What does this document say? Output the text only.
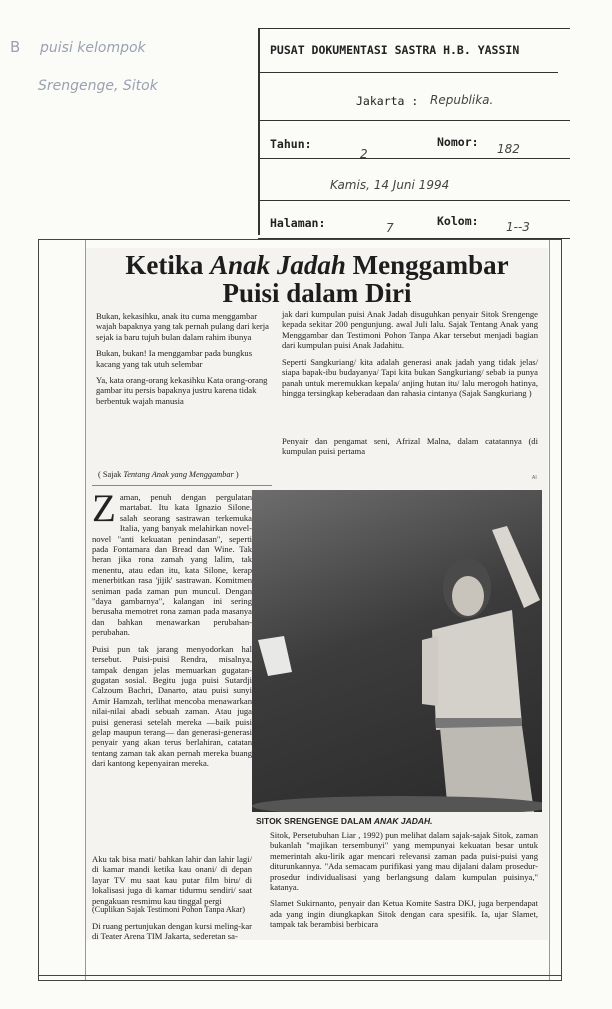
B puisi kelompok
Srengenge, Sitok
PUSAT DOKUMENTASI SASTRA H.B. YASSIN
Jakarta : Republika.
Tahun:
2
Nomor: 182
Kamis, 14 Juni 1994
Halaman:	7	Kolom: 1--3
Ketika Anak Jadah Menggambar
Puisi dalam Diri

Bukan, kekasihku, anak itu cuma menggambar wajah bapaknya yang tak pernah pulang dari kerja sejak ia baru tujuh bulan dalam rahim ibunya

Bukan, bukan! Ia menggambar pada bungkus kacang yang tak utuh selembar

Ya, kata orang-orang kekasihku Kata orang-orang gambar itu persis bapaknya justru karena tidak berbentuk wajah manusia

( Sajak Tentang Anak yang Menggambar )
jak dari kumpulan puisi Anak Jadah disuguhkan penyair Sitok Srengenge kepada sekitar 200 pengunjung. awal Juli lalu. Sajak Tentang Anak yang Menggambar dan Testimoni Pohon Tanpa Akar tersebut menjadi bagian dari kumpulan puisi Anak Jadahitu.
Seperti Sangkuriang/ kita adalah generasi anak jadah yang tidak jelas/ siapa bapak-ibu budayanya/ Tapi kita bukan Sangkuriang/ sebab ia punya panah untuk meremukkan kepala/ anjing hutan itu/ lalu merogoh hatinya, hingga tersingkap keberadaan dan rahasia cintanya (Sajak Sangkuriang )
Penyair dan pengamat seni, Afrizal Malna, dalam catatannya (di kumpulan puisi pertama

Zaman, penuh dengan pergulatan martabat. Itu kata Ignazio Silone, salah seorang sastrawan terkemuka Italia, yang banyak melahirkan novel-novel "anti kekuatan penindasan", seperti pada Fontamara dan Bread dan Wine. Tak heran jika rona zamah yang lalim, tak menentu, atau edan itu, kata Silone, kerap menerbitkan rasa 'jijik' sastrawan. Komitmen seniman pada zaman pun muncul. Dengan "daya gambarnya", kalangan ini sering berusaha memotret rona zaman pada masanya dan bahkan menawarkan perubahan-perubahan.

Puisi pun tak jarang menyodorkan hal tersebut. Puisi-puisi Rendra, misalnya, tampak dengan jelas memuarkan gugatan-gugatan sosial. Begitu juga puisi Sutardji Calzoum Bachri, Danarto, atau puisi sunyi Amir Hamzah, terlihat mencoba menawarkan nilai-nilai abadi sebuah zaman. Atau juga puisi generasi setelah mereka —baik puisi gelap maupun terang— dan generasi-generasi penyair yang akan terus berlahiran, catatan tentang zaman tak akan pernah mereka buang dari kantong kepenyairan mereka.

AI
SITOK SRENGENGE DALAM ANAK JADAH.
Aku tak bisa mati/ bahkan lahir dan lahir lagi/ di kamar mandi ketika kau onani/ di depan layar TV mu saat kau putar film biru/ di lokalisasi juga di kamar tidurmu sendiri/ saat pengakuan resmimu kau tinggal pergi
(Cuplikan Sajak Testimoni Pohon Tanpa Akar)
Di ruang pertunjukan dengan kursi meling-kar di Teater Arena TIM Jakarta, sederetan sa-

Sitok, Persetubuhan Liar , 1992) pun melihat dalam sajak-sajak Sitok, zaman bukanlah "majikan tersembunyi" yang mempunyai kekuatan besar untuk memerintah aku-lirik agar mencari relevansi zaman pada puisi-puisi yang diturunkannya. "Ada semacam purifikasi yang mau dijalani dalam prosedur-prosedur individualisasi yang berlangsung dalam kumpulan puisinya," katanya.

Slamet Sukirnanto, penyair dan Ketua Komite Sastra DKJ, juga berpendapat ada yang ingin diungkapkan Sitok dengan cara spesifik. Ia, ujar Slamet, tampak tak berambisi berbicara
